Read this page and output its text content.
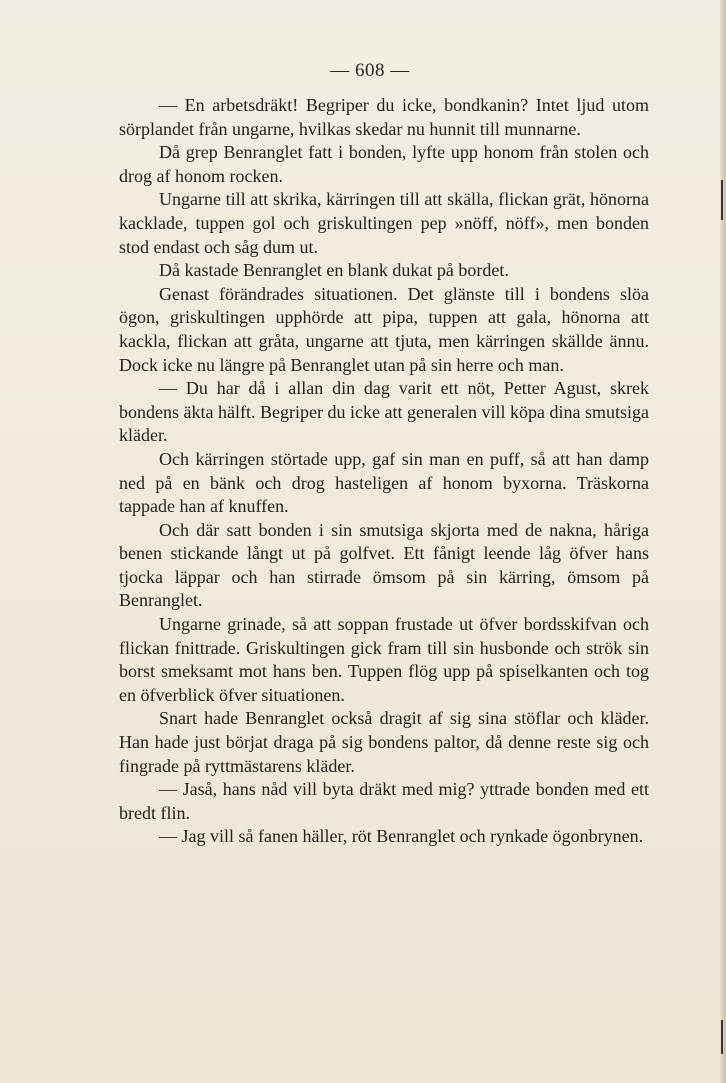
— 608 —

— En arbetsdräkt! Begriper du icke, bondkanin? Intet ljud utom sörplandet från ungarne, hvilkas skedar nu hunnit till munnarne.

Då grep Benranglet fatt i bonden, lyfte upp honom från stolen och drog af honom rocken.

Ungarne till att skrika, kärringen till att skälla, flickan grät, hönorna kacklade, tuppen gol och griskultingen pep »nöff, nöff», men bonden stod endast och såg dum ut.

Då kastade Benranglet en blank dukat på bordet.

Genast förändrades situationen. Det glänste till i bondens slöa ögon, griskultingen upphörde att pipa, tuppen att gala, hönorna att kackla, flickan att gråta, ungarne att tjuta, men kärringen skällde ännu. Dock icke nu längre på Benranglet utan på sin herre och man.

— Du har då i allan din dag varit ett nöt, Petter Agust, skrek bondens äkta hälft. Begriper du icke att generalen vill köpa dina smutsiga kläder.

Och kärringen störtade upp, gaf sin man en puff, så att han damp ned på en bänk och drog hasteligen af honom byxorna. Träskorna tappade han af knuffen.

Och där satt bonden i sin smutsiga skjorta med de nakna, håriga benen stickande långt ut på golfvet. Ett fånigt leende låg öfver hans tjocka läppar och han stirrade ömsom på sin kärring, ömsom på Benranglet.

Ungarne grinade, så att soppan frustade ut öfver bordsskifvan och flickan fnittrade. Griskultingen gick fram till sin husbonde och strök sin borst smeksamt mot hans ben. Tuppen flög upp på spiselkanten och tog en öfverblick öfver situationen.

Snart hade Benranglet också dragit af sig sina stöflar och kläder. Han hade just börjat draga på sig bondens paltor, då denne reste sig och fingrade på ryttmästarens kläder.

— Jaså, hans nåd vill byta dräkt med mig? yttrade bonden med ett bredt flin.

— Jag vill så fanen häller, röt Benranglet och rynkade ögonbrynen.
